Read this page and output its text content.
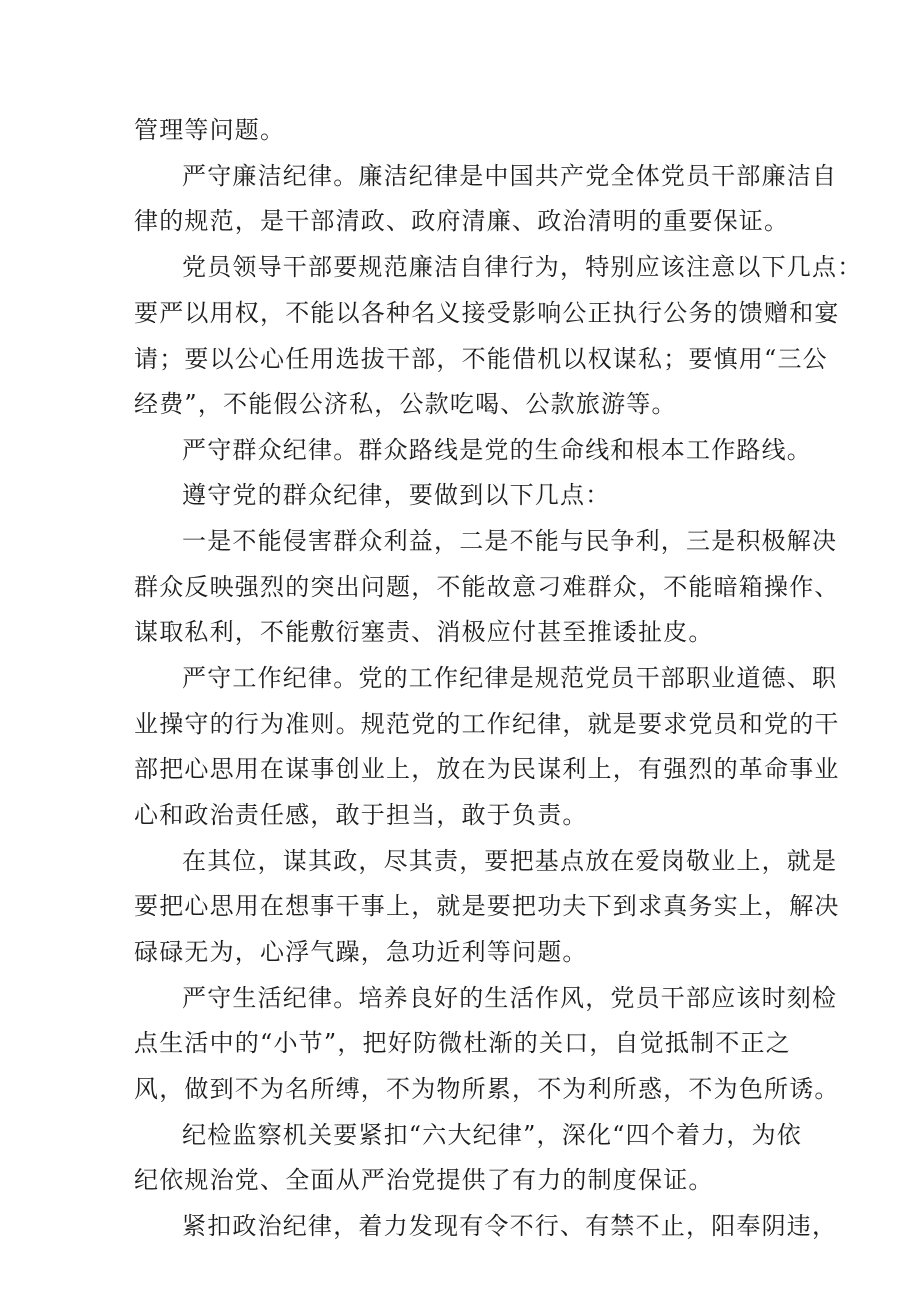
管理等问题。
严守廉洁纪律。廉洁纪律是中国共产党全体党员干部廉洁自
律的规范，是干部清政、政府清廉、政治清明的重要保证。
党员领导干部要规范廉洁自律行为，特别应该注意以下几点：
要严以用权，不能以各种名义接受影响公正执行公务的馈赠和宴
请；要以公心任用选拔干部，不能借机以权谋私；要慎用“三公
经费”，不能假公济私，公款吃喝、公款旅游等。
严守群众纪律。群众路线是党的生命线和根本工作路线。
遵守党的群众纪律，要做到以下几点：
一是不能侵害群众利益，二是不能与民争利，三是积极解决
群众反映强烈的突出问题，不能故意刁难群众，不能暗箱操作、
谋取私利，不能敷衍塞责、消极应付甚至推诿扯皮。
严守工作纪律。党的工作纪律是规范党员干部职业道德、职
业操守的行为准则。规范党的工作纪律，就是要求党员和党的干
部把心思用在谋事创业上，放在为民谋利上，有强烈的革命事业
心和政治责任感，敢于担当，敢于负责。
在其位，谋其政，尽其责，要把基点放在爱岗敬业上，就是
要把心思用在想事干事上，就是要把功夫下到求真务实上，解决
碌碌无为，心浮气躁，急功近利等问题。
严守生活纪律。培养良好的生活作风，党员干部应该时刻检
点生活中的“小节”，把好防微杜渐的关口，自觉抵制不正之
风，做到不为名所缚，不为物所累，不为利所惑，不为色所诱。
纪检监察机关要紧扣“六大纪律”，深化“四个着力，为依
纪依规治党、全面从严治党提供了有力的制度保证。
紧扣政治纪律，着力发现有令不行、有禁不止，阳奉阴违，
